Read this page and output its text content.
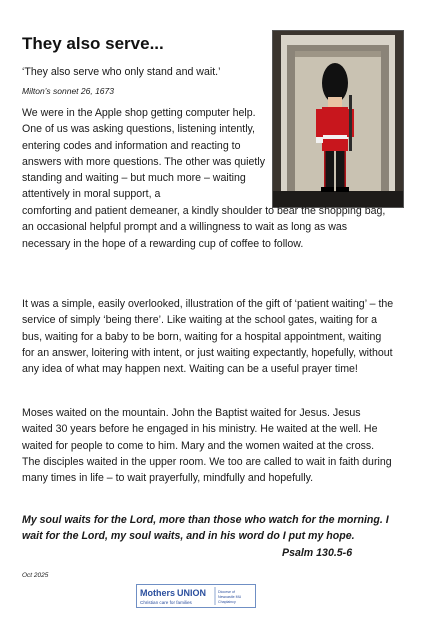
They also serve...
‘They also serve who only stand and wait.’
Milton’s sonnet 26, 1673

We were in the Apple shop getting computer help. One of us was asking questions, listening intently, entering codes and information and reacting to answers with more questions. The other was quietly standing and waiting – but much more – waiting attentively in moral support, a

comforting and patient demeaner, a kindly shoulder to bear the shopping bag, an occasional helpful prompt and a willingness to wait as long as was necessary in the hope of a rewarding cup of coffee to follow.

It was a simple, easily overlooked, illustration of the gift of ‘patient waiting’ – the service of simply ‘being there’. Like waiting at the school gates, waiting for a bus, waiting for a baby to be born, waiting for a hospital appointment, waiting for an answer, loitering with intent, or just waiting expectantly, hopefully, without any idea of what may happen next. Waiting can be a useful prayer time!

Moses waited on the mountain. John the Baptist waited for Jesus. Jesus waited 30 years before he engaged in his ministry. He waited at the well. He waited for people to come to him. Mary and the women waited at the cross. The disciples waited in the upper room. We too are called to wait in faith during many times in life – to wait prayerfully, mindfully and hopefully.

My soul waits for the Lord, more than those who watch for the morning. I wait for the Lord, my soul waits, and in his word do I put my hope.

Psalm 130.5-6
Oct 2025
Mothers UNION
Christian care for families
Diocese of
Newcastle MU
Chaplaincy
